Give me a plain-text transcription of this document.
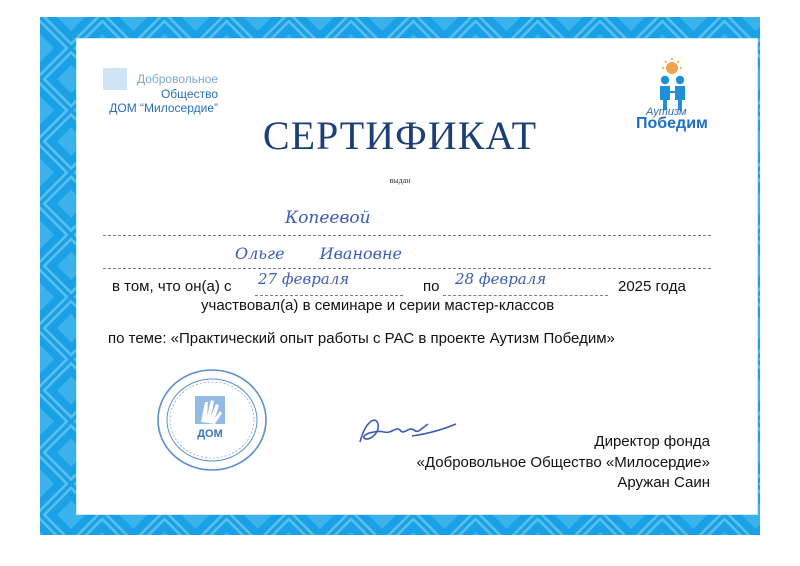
Добровольное
Общество
ДОМ “Милосердие”	Аутизм
Победим
СЕРТИФИКАТ
выдан
Копеевой
Ольге Ивановне
в том, что он(а) с 27 февраля	по 28 февраля	2025 года
участвовал(а) в семинаре и серии мастер-классов
по теме: «Практический опыт работы с РАС в проекте Аутизм Победим»
ДОМ	Директор фонда
«Добровольное Общество «Милосердие»
Аружан Саин
